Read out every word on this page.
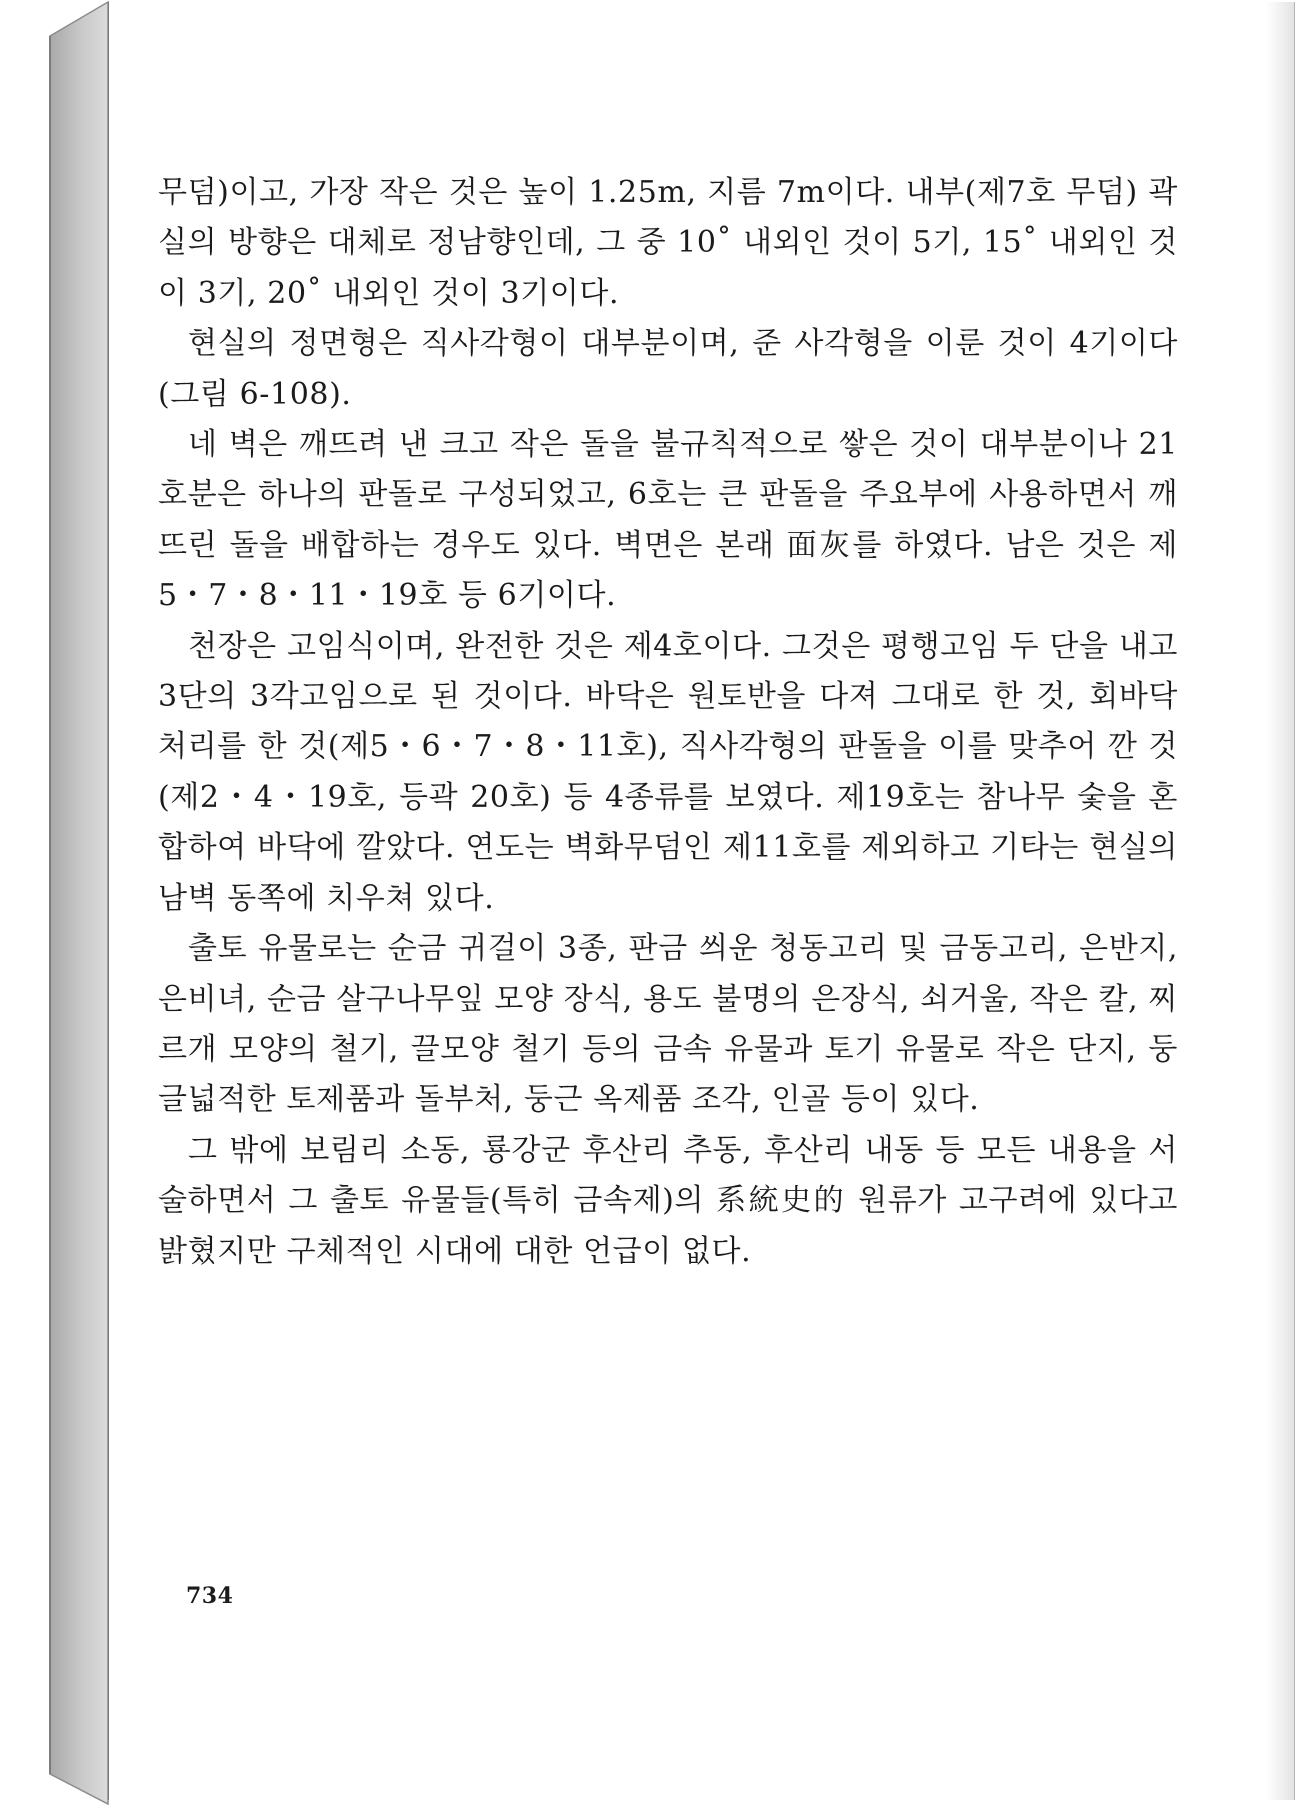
무덤)이고, 가장 작은 것은 높이 1.25m, 지름 7m이다. 내부(제7호 무덤) 곽실의 방향은 대체로 정남향인데, 그 중 10˚ 내외인 것이 5기, 15˚ 내외인 것이 3기, 20˚ 내외인 것이 3기이다.

현실의 정면형은 직사각형이 대부분이며, 준 사각형을 이룬 것이 4기이다(그림 6-108).

네 벽은 깨뜨려 낸 크고 작은 돌을 불규칙적으로 쌓은 것이 대부분이나 21호분은 하나의 판돌로 구성되었고, 6호는 큰 판돌을 주요부에 사용하면서 깨뜨린 돌을 배합하는 경우도 있다. 벽면은 본래 面灰를 하였다. 남은 것은 제5・7・8・11・19호 등 6기이다.

천장은 고임식이며, 완전한 것은 제4호이다. 그것은 평행고임 두 단을 내고 3단의 3각고임으로 된 것이다. 바닥은 원토반을 다져 그대로 한 것, 회바닥 처리를 한 것(제5・6・7・8・11호), 직사각형의 판돌을 이를 맞추어 깐 것(제2・4・19호, 등곽 20호) 등 4종류를 보였다. 제19호는 참나무 숯을 혼합하여 바닥에 깔았다. 연도는 벽화무덤인 제11호를 제외하고 기타는 현실의 남벽 동쪽에 치우쳐 있다.

출토 유물로는 순금 귀걸이 3종, 판금 씌운 청동고리 및 금동고리, 은반지, 은비녀, 순금 살구나무잎 모양 장식, 용도 불명의 은장식, 쇠거울, 작은 칼, 찌르개 모양의 철기, 끌모양 철기 등의 금속 유물과 토기 유물로 작은 단지, 둥글넓적한 토제품과 돌부처, 둥근 옥제품 조각, 인골 등이 있다.

그 밖에 보림리 소동, 룡강군 후산리 추동, 후산리 내동 등 모든 내용을 서술하면서 그 출토 유물들(특히 금속제)의 系統史的 원류가 고구려에 있다고 밝혔지만 구체적인 시대에 대한 언급이 없다.

734
